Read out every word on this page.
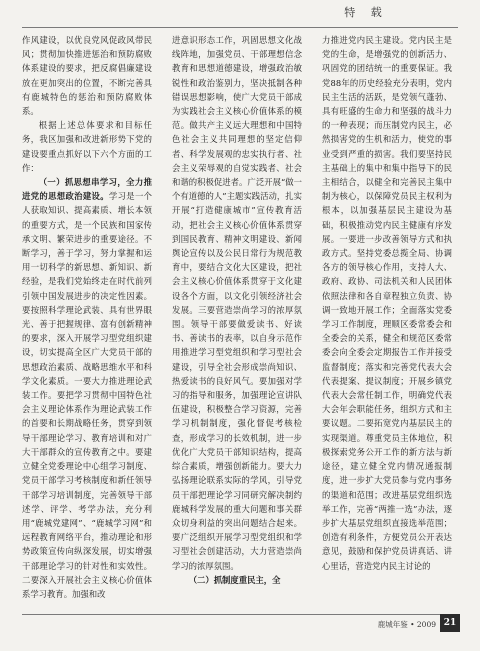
特 载

作风建设，以优良党风促政风带民风；贯彻加快推进惩治和预防腐败体系建设的要求，把反腐倡廉建设放在更加突出的位置，不断完善具有鹿城特色的惩治和预防腐败体系。

根据上述总体要求和目标任务，我区加强和改进新形势下党的建设要重点抓好以下六个方面的工作：

（一）抓思想串学习，全力推进党的思想政治建设。学习是一个人获取知识、提高素质、增长本领的重要方式，是一个民族和国家传承文明、繁荣进步的重要途径。不断学习，善于学习，努力掌握和运用一切科学的新思想、新知识、新经验，是我们党始终走在时代前列引领中国发展进步的决定性因素。要按照科学理论武装、具有世界眼光、善于把握规律、富有创新精神的要求，深入开展学习型党组织建设，切实提高全区广大党员干部的思想政治素质、战略思维水平和科学文化素质。一要大力推进理论武装工作。要把学习贯彻中国特色社会主义理论体系作为理论武装工作的首要和长期战略任务，贯穿到领导干部理论学习、教育培训和对广大干部群众的宣传教育之中。要建立健全党委理论中心组学习制度、党员干部学习考核制度和新任领导干部学习培训制度，完善领导干部述学、评学、考学办法，充分利用“鹿城党建网”、“鹿城学习网”和远程教育网络平台，推动理论和形势政策宣传向纵深发展，切实增强干部理论学习的针对性和实效性。二要深入开展社会主义核心价值体系学习教育。加强和改

进意识形态工作，巩固思想文化战线阵地，加强党员、干部理想信念教育和思想道德建设，增强政治敏锐性和政治鉴别力，坚决抵制各种错误思想影响，使广大党员干部成为实践社会主义核心价值体系的模范。做共产主义远大理想和中国特色社会主义共同理想的坚定信仰者、科学发展观的忠实执行者、社会主义荣辱观的自觉实践者、社会和谐的积极促进者。广泛开展“做一个有道德的人”主题实践活动，扎实开展“打造健康城市”宣传教育活动，把社会主义核心价值体系贯穿到国民教育、精神文明建设、新闻舆论宣传以及公民日常行为规范教育中，要结合文化大区建设，把社会主义核心价值体系贯穿于文化建设各个方面，以文化引领经济社会发展。三要营造崇尚学习的浓厚氛围。领导干部要做爱读书、好读书、善读书的表率，以自身示范作用推进学习型党组织和学习型社会建设，引导全社会形成崇尚知识、热爱读书的良好风气。要加强对学习的指导和服务，加强理论宣讲队伍建设，积极整合学习资源，完善学习机制制度，强化督促考核检查，形成学习的长效机制，进一步优化广大党员干部知识结构，提高综合素质，增强创新能力。要大力弘扬理论联系实际的学风，引导党员干部把理论学习同研究解决制约鹿城科学发展的重大问题和事关群众切身利益的突出问题结合起来。要广泛组织开展学习型党组织和学习型社会创建活动，大力营造崇尚学习的浓厚氛围。

（二）抓制度重民主，全

力推进党内民主建设。党内民主是党的生命，是增强党的创新活力、巩固党的团结统一的重要保证。我党88年的历史经验充分表明，党内民主生活的活跃，是党领气蓬勃、具有旺盛的生命力和坚强的战斗力的一种表现；而压制党内民主，必然损害党的生机和活力，使党的事业受到严重的损害。我们要坚持民主基础上的集中和集中指导下的民主相结合，以健全和完善民主集中制为核心，以保障党员民主权利为根本，以加强基层民主建设为基础，积极推动党内民主健康有序发展。一要进一步改善领导方式和执政方式。坚持党委总揽全局、协调各方的领导核心作用，支持人大、政府、政协、司法机关和人民团体依照法律和各自章程独立负责、协调一致地开展工作；全面落实党委学习工作制度，理顺区委常委会和全委会的关系，健全和规范区委常委会向全委会定期报告工作并接受监督制度；落实和完善党代表大会代表提案、提议制度；开展乡镇党代表大会常任制工作，明确党代表大会年会职能任务，组织方式和主要议题。二要拓宽党内基层民主的实现渠道。尊重党员主体地位，积极探索党务公开工作的新方法与新途径，建立健全党内情况通报制度，进一步扩大党员参与党内事务的渠道和范围；改进基层党组织选举工作，完善“两推一选”办法，逐步扩大基层党组织直接选举范围；创造有利条件，方便党员公开表达意见，鼓励和保护党员讲真话、讲心里话，营造党内民主讨论的

鹿城年鉴 • 2009 21
